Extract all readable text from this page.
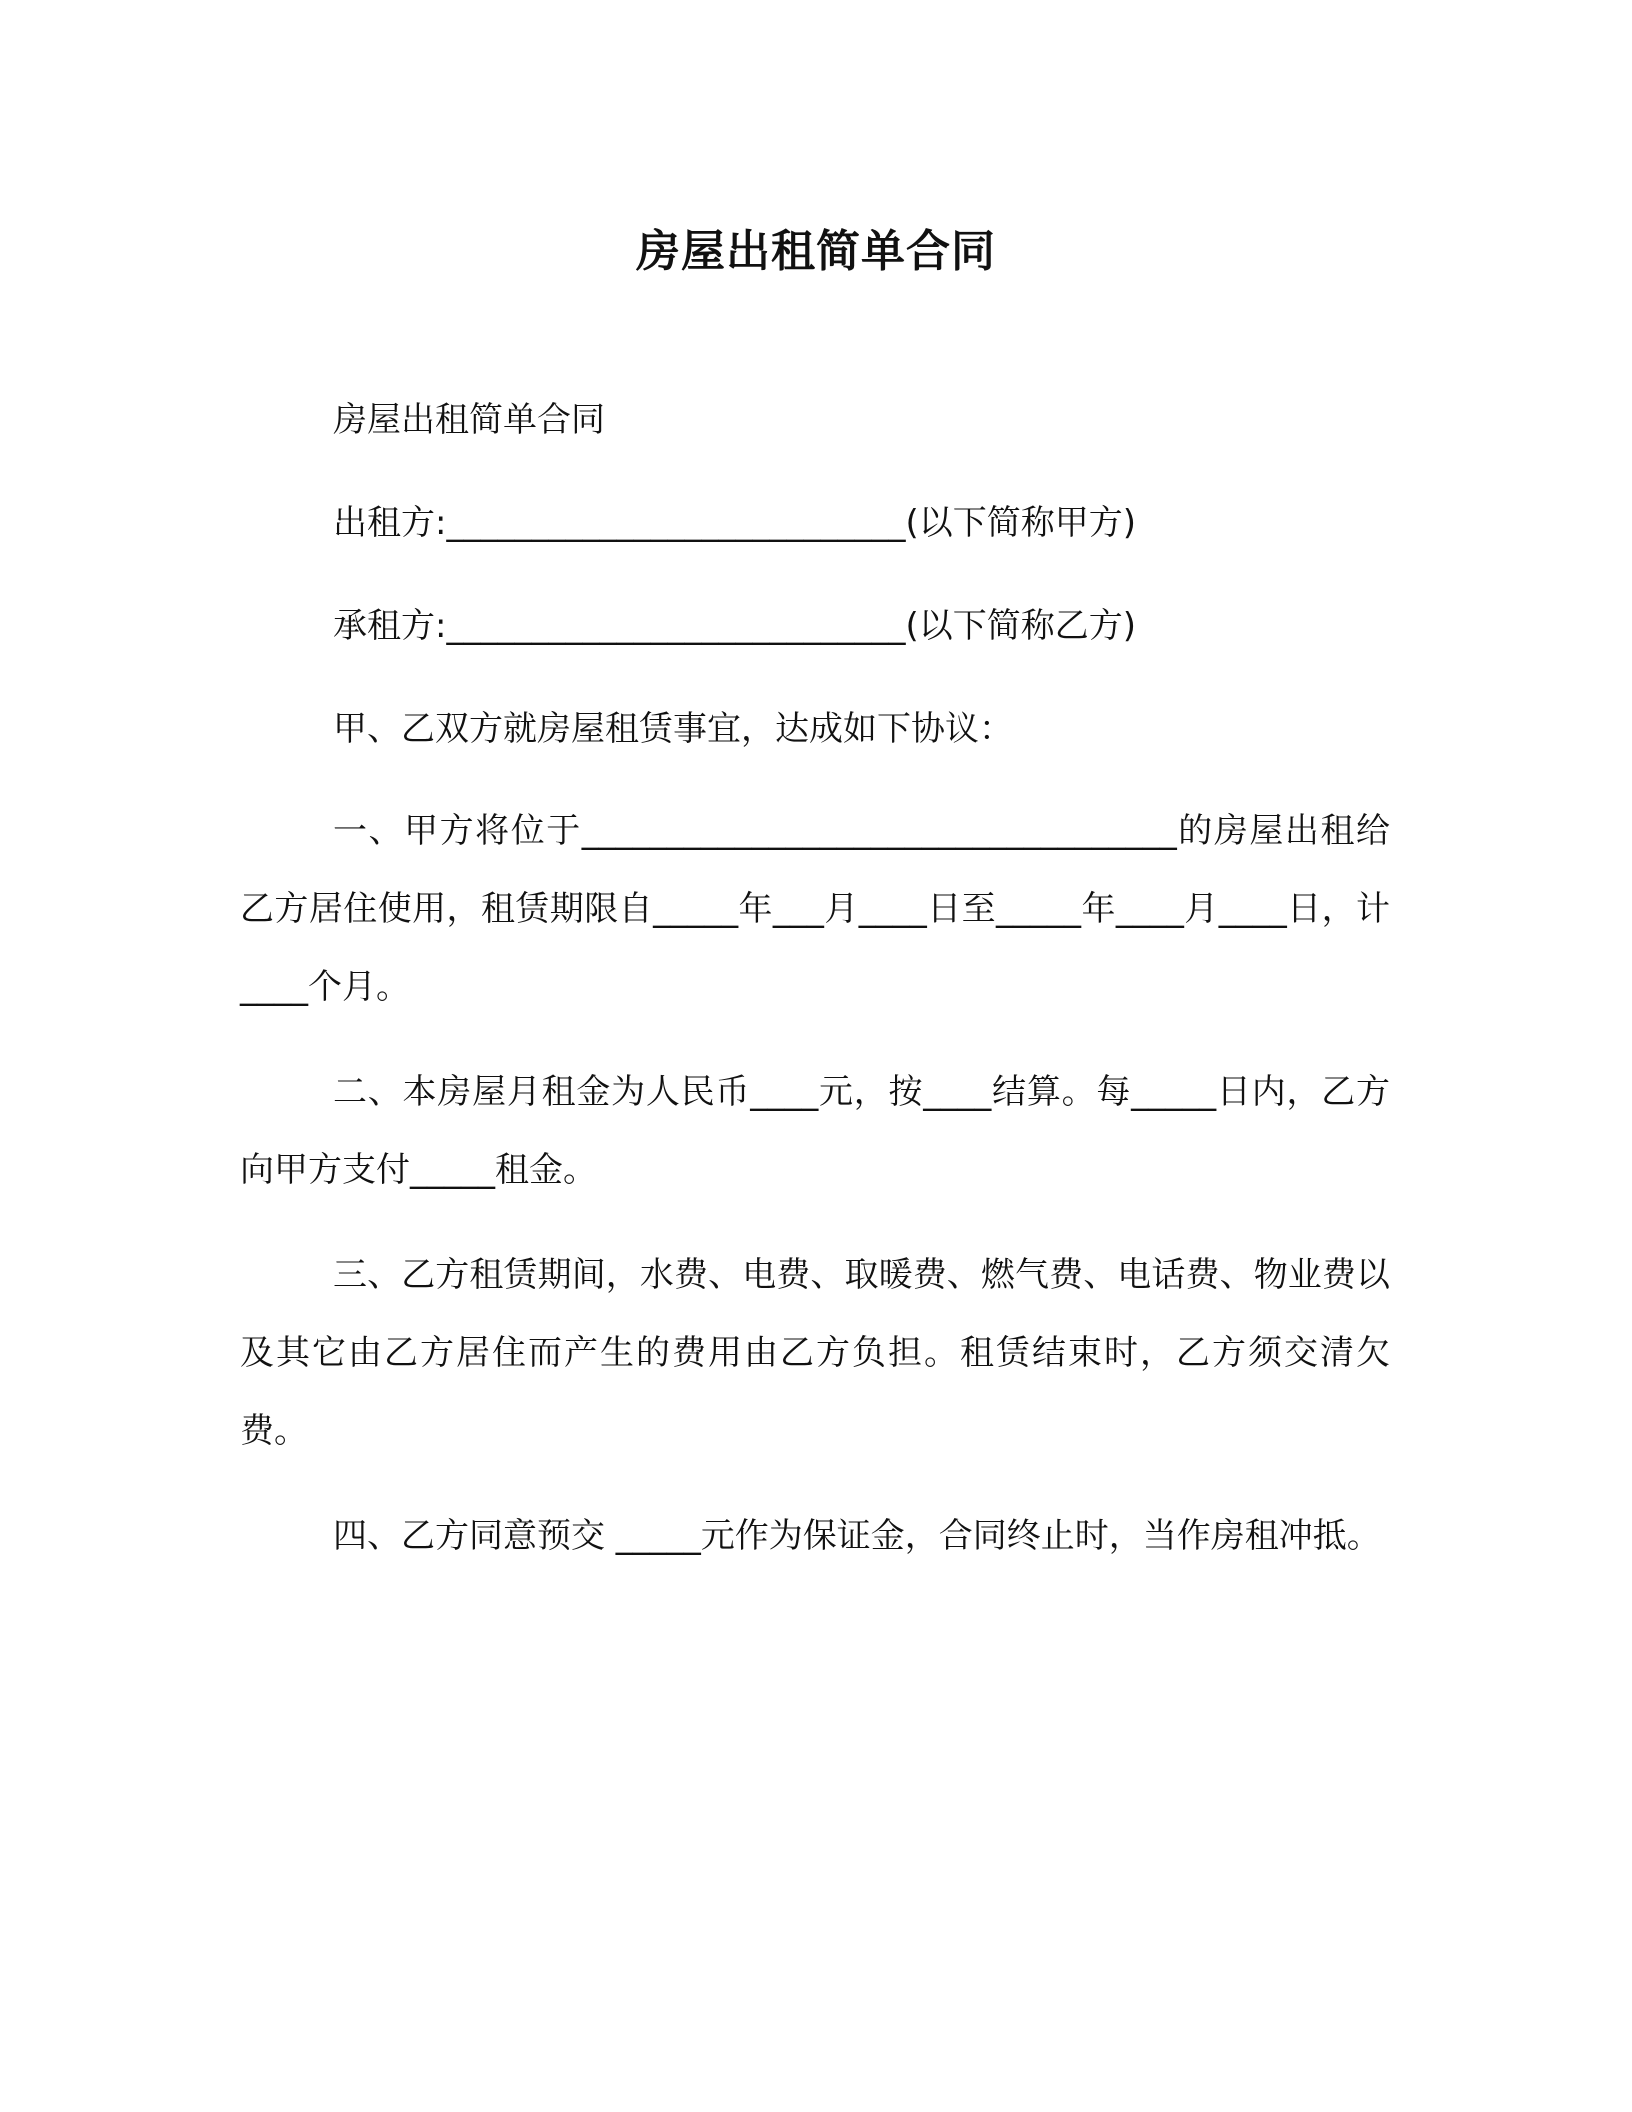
房屋出租简单合同
房屋出租简单合同
出租方:___________________________(以下简称甲方)
承租方:___________________________(以下简称乙方)
甲、乙双方就房屋租赁事宜，达成如下协议：
一、甲方将位于___________________________________的房屋出租给乙方居住使用，租赁期限自_____年___月____日至_____年____月____日，计____个月。
二、本房屋月租金为人民币____元，按____结算。每_____日内，乙方向甲方支付_____租金。
三、乙方租赁期间，水费、电费、取暖费、燃气费、电话费、物业费以及其它由乙方居住而产生的费用由乙方负担。租赁结束时，乙方须交清欠费。
四、乙方同意预交 _____元作为保证金，合同终止时，当作房租冲抵。
